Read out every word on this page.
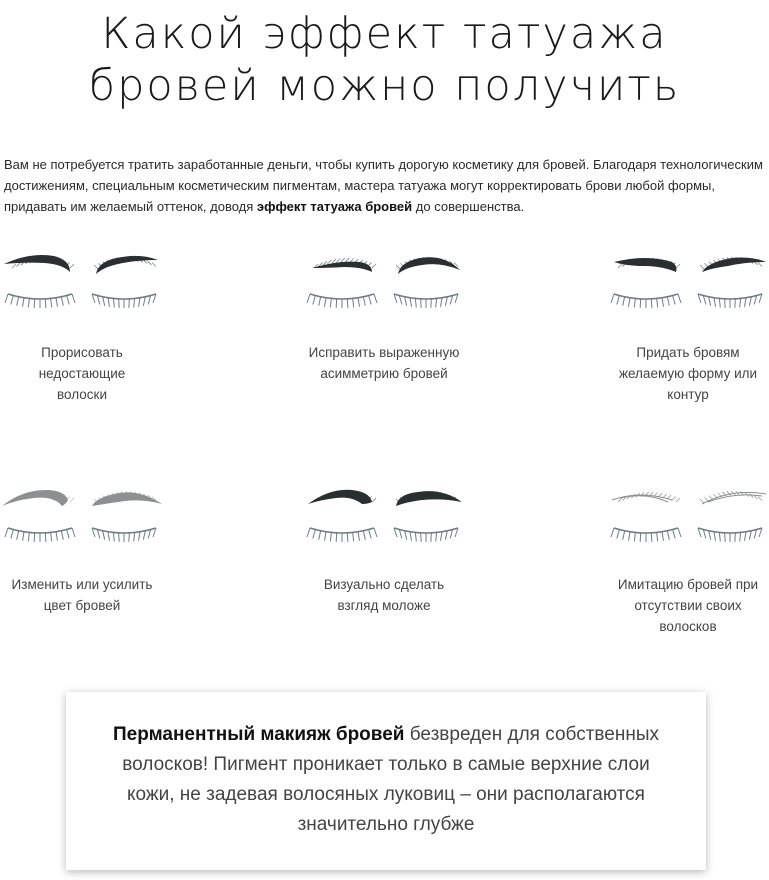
Какой эффект татуажа
бровей можно получить
Вам не потребуется тратить заработанные деньги, чтобы купить дорогую косметику для бровей. Благодаря технологическим достижениям, специальным косметическим пигментам, мастера татуажа могут корректировать брови любой формы, придавать им желаемый оттенок, доводя эффект татуажа бровей до совершенства.
Прорисовать недостающие волоски
Исправить выраженную асимметрию бровей
Придать бровям желаемую форму или контур
Изменить или усилить цвет бровей
Визуально сделать взгляд моложе
Имитацию бровей при отсутствии своих волосков
Перманентный макияж бровей безвреден для собственных волосков! Пигмент проникает только в самые верхние слои кожи, не задевая волосяных луковиц – они располагаются значительно глубже
